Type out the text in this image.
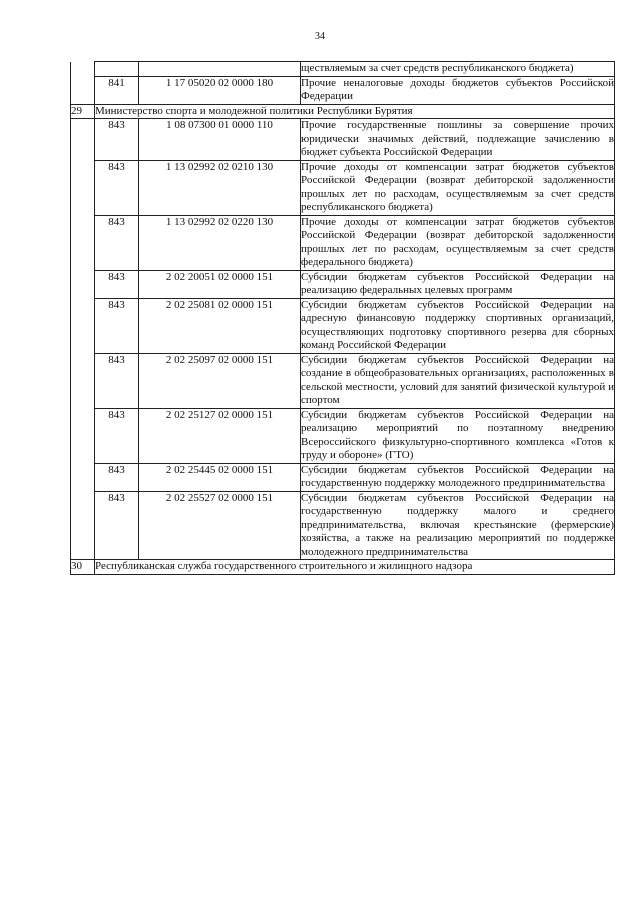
34
			ществляемым за счет средств республиканского бюджета)
	841	1 17 05020 02 0000 180	Прочие неналоговые доходы бюджетов субъектов Российской Федерации
29	Министерство спорта и молодежной политики Республики Бурятия		
	843	1 08 07300 01 0000 110	Прочие государственные пошлины за совершение прочих юридически значимых действий, подлежащие зачислению в бюджет субъекта Российской Федерации
	843	1 13 02992 02 0210 130	Прочие доходы от компенсации затрат бюджетов субъектов Российской Федерации (возврат дебиторской задолженности прошлых лет по расходам, осуществляемым за счет средств республиканского бюджета)
	843	1 13 02992 02 0220 130	Прочие доходы от компенсации затрат бюджетов субъектов Российской Федерации (возврат дебиторской задолженности прошлых лет по расходам, осуществляемым за счет средств федерального бюджета)
	843	2 02 20051 02 0000 151	Субсидии бюджетам субъектов Российской Федерации на реализацию федеральных целевых программ
	843	2 02 25081 02 0000 151	Субсидии бюджетам субъектов Российской Федерации на адресную финансовую поддержку спортивных организаций, осуществляющих подготовку спортивного резерва для сборных команд Российской Федерации
	843	2 02 25097 02 0000 151	Субсидии бюджетам субъектов Российской Федерации на создание в общеобразовательных организациях, расположенных в сельской местности, условий для занятий физической культурой и спортом
	843	2 02 25127 02 0000 151	Субсидии бюджетам субъектов Российской Федерации на реализацию мероприятий по поэтапному внедрению Всероссийского физкультурно-спортивного комплекса «Готов к труду и обороне» (ГТО)
	843	2 02 25445 02 0000 151	Субсидии бюджетам субъектов Российской Федерации на государственную поддержку молодежного предпринимательства
	843	2 02 25527 02 0000 151	Субсидии бюджетам субъектов Российской Федерации на государственную поддержку малого и среднего предпринимательства, включая крестьянские (фермерские) хозяйства, а также на реализацию мероприятий по поддержке молодежного предпринимательства
30	Республиканская служба государственного строительного и жилищного надзора		
